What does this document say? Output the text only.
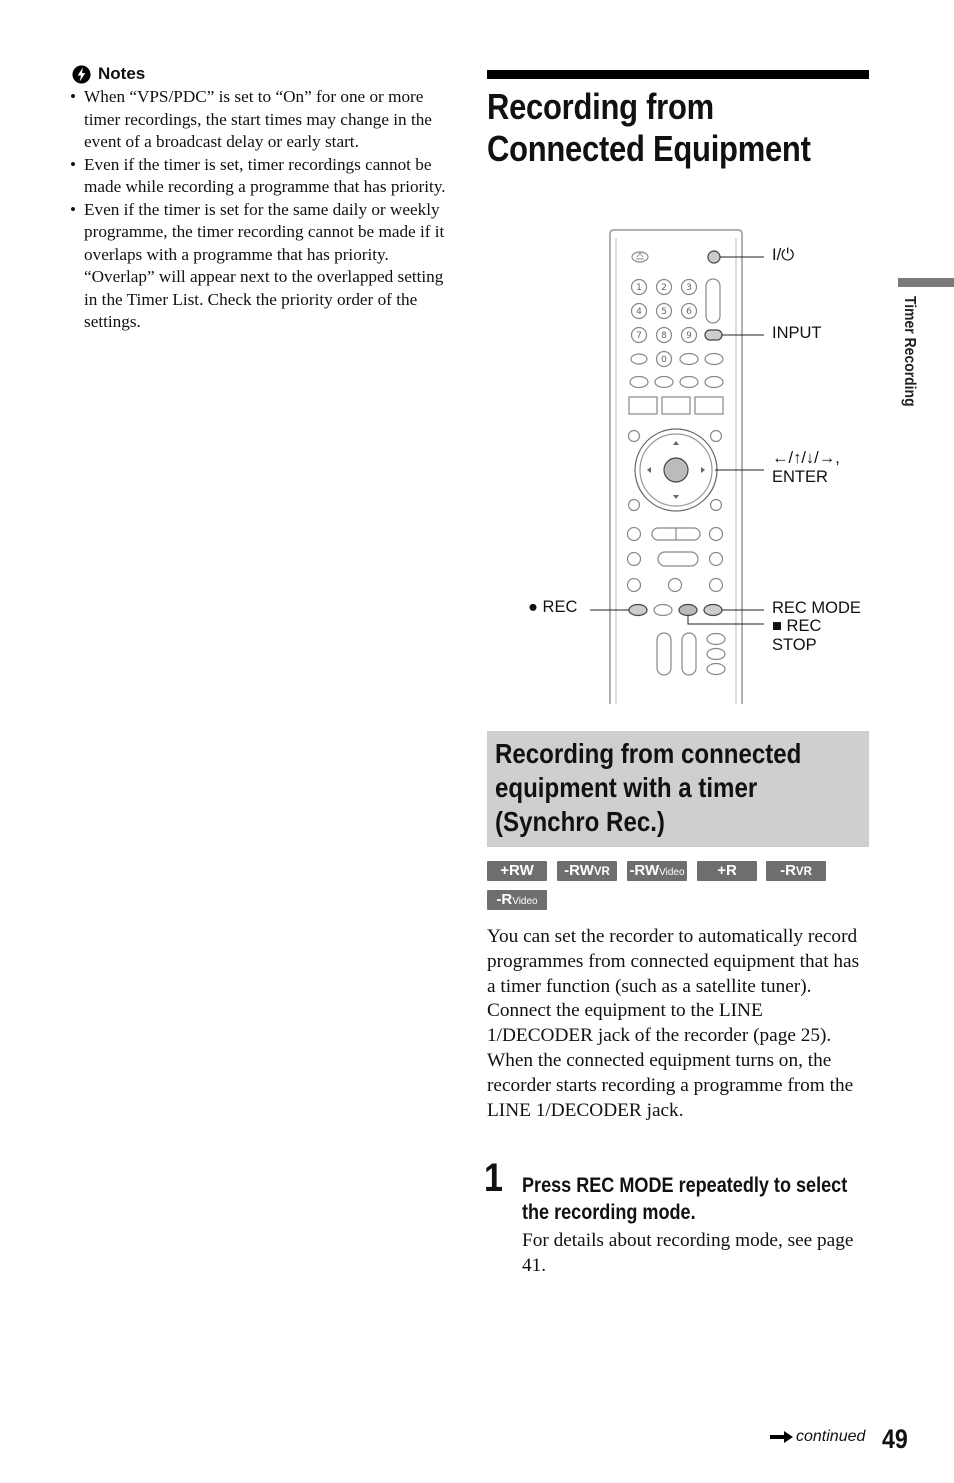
Notes
• When “VPS/PDC” is set to “On” for one or more timer recordings, the start times may change in the event of a broadcast delay or early start.
• Even if the timer is set, timer recordings cannot be made while recording a programme that has priority.
• Even if the timer is set for the same daily or weekly programme, the timer recording cannot be made if it overlaps with a programme that has priority. “Overlap” will appear next to the overlapped setting in the Timer List. Check the priority order of the settings.
Recording from
Connected Equipment
1 2 3
4 5 6
7 8 9
0
I/⏻
INPUT
←/↑/↓/→,
ENTER
● REC	REC MODE
■ REC
STOP
Timer Recording
Recording from connected
equipment with a timer
(Synchro Rec.)
+RW	-RWVR	-RWVideo	+R	-RVR
-RVideo
You can set the recorder to automatically record programmes from connected equipment that has a timer function (such as a satellite tuner). Connect the equipment to the LINE 1/DECODER jack of the recorder (page 25).
When the connected equipment turns on, the recorder starts recording a programme from the LINE 1/DECODER jack.
1 Press REC MODE repeatedly to select
the recording mode.

For details about recording mode, see page 41.

continued 49
